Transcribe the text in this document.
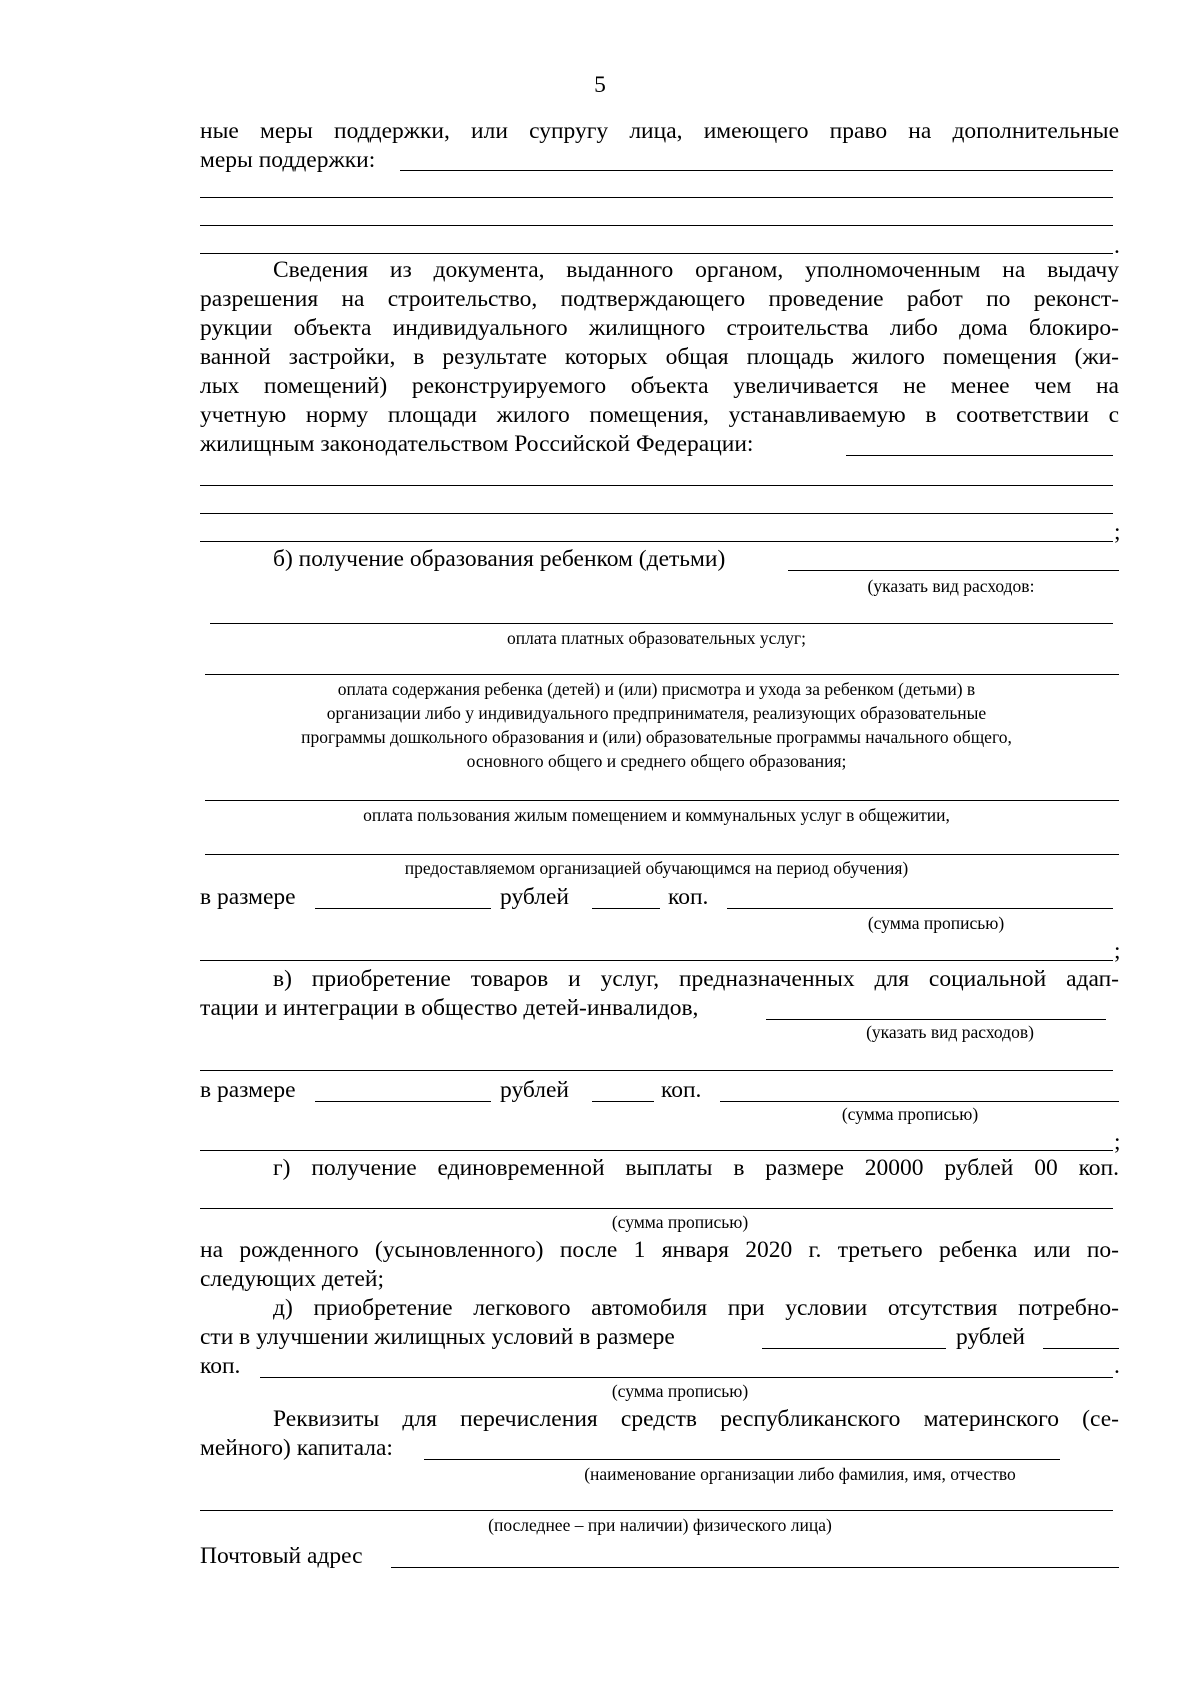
5
ные меры поддержки, или супругу лица, имеющего право на дополнительные
меры поддержки:
.
Сведения из документа, выданного органом, уполномоченным на выдачу
разрешения на строительство, подтверждающего проведение работ по реконст-
рукции объекта индивидуального жилищного строительства либо дома блокиро-
ванной застройки, в результате которых общая площадь жилого помещения (жи-
лых помещений) реконструируемого объекта увеличивается не менее чем на
учетную норму площади жилого помещения, устанавливаемую в соответствии с
жилищным законодательством Российской Федерации:
;
б) получение образования ребенком (детьми)
(указать вид расходов:
оплата платных образовательных услуг;
оплата содержания ребенка (детей) и (или) присмотра и ухода за ребенком (детьми) в
организации либо у индивидуального предпринимателя, реализующих образовательные
программы дошкольного образования и (или) образовательные программы начального общего,
основного общего и среднего общего образования;
оплата пользования жилым помещением и коммунальных услуг в общежитии,
предоставляемом организацией обучающимся на период обучения)
в размере	рублей	коп.
(сумма прописью)
;
в) приобретение товаров и услуг, предназначенных для социальной адап-
тации и интеграции в общество детей-инвалидов,
(указать вид расходов)
в размере	рублей	коп.
(сумма прописью)
;
г) получение единовременной выплаты в размере 20000 рублей 00 коп.
(сумма прописью)
на рожденного (усыновленного) после 1 января 2020 г. третьего ребенка или по-
следующих детей;
д) приобретение легкового автомобиля при условии отсутствия потребно-
сти в улучшении жилищных условий в размере	рублей
коп.	.
(сумма прописью)
Реквизиты для перечисления средств республиканского материнского (се-
мейного) капитала:
(наименование организации либо фамилия, имя, отчество
(последнее – при наличии) физического лица)
Почтовый адрес
